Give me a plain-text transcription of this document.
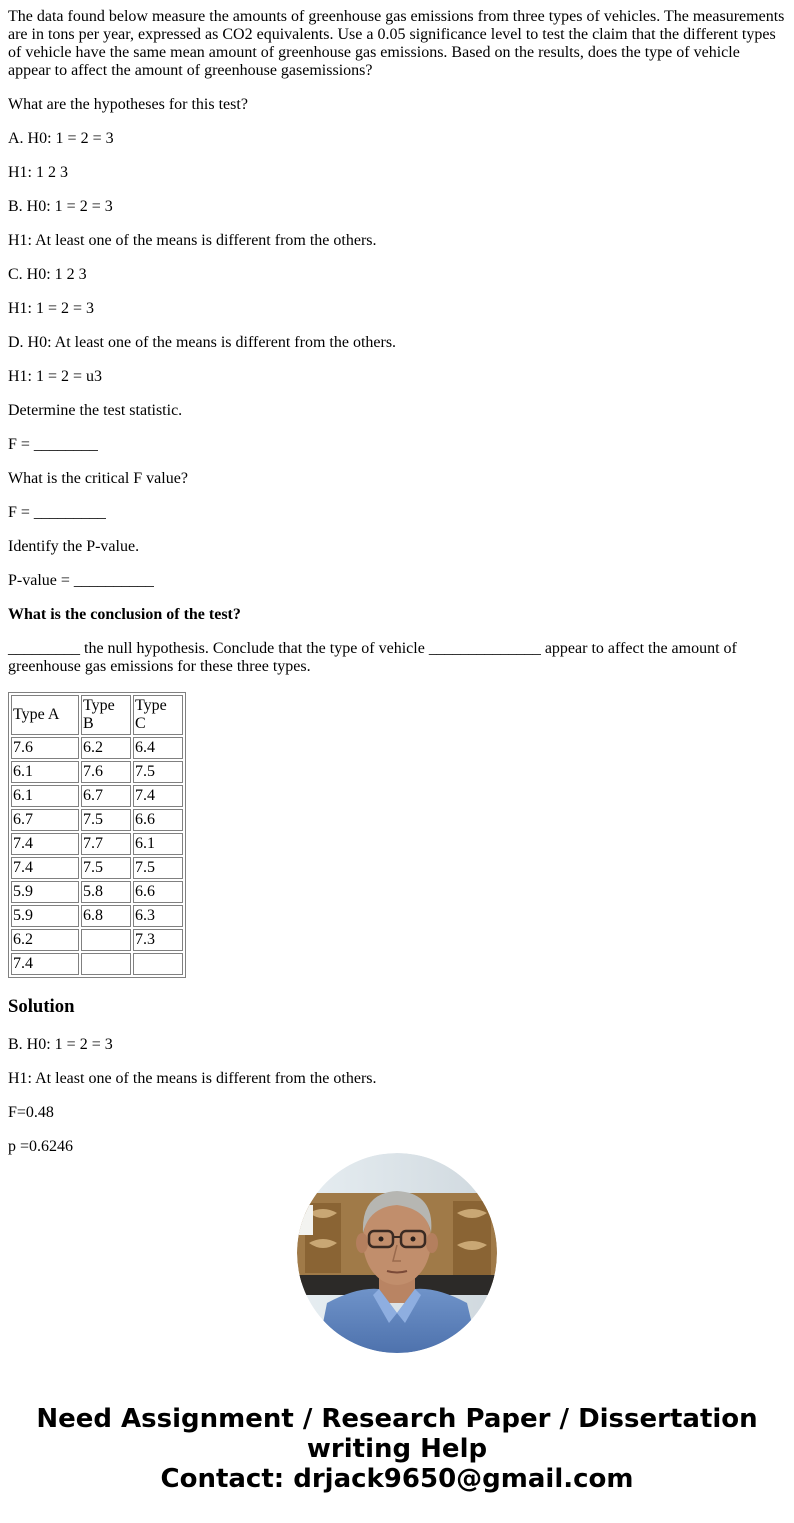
The data found below measure the amounts of greenhouse gas emissions from three types of vehicles. The measurements are in tons per year, expressed as CO2 equivalents. Use a 0.05 significance level to test the claim that the different types of vehicle have the same mean amount of greenhouse gas emissions. Based on the results, does the type of vehicle appear to affect the amount of greenhouse gasemissions?

What are the hypotheses for this test?

A. H0: 1 = 2 = 3

H1: 1 2 3

B. H0: 1 = 2 = 3

H1: At least one of the means is different from the others.

C. H0: 1 2 3

H1: 1 = 2 = 3

D. H0: At least one of the means is different from the others.

H1: 1 = 2 = u3

Determine the test statistic.

F = ________

What is the critical F value?

F = _________

Identify the P-value.

P-value = __________

What is the conclusion of the test?

_________ the null hypothesis. Conclude that the type of vehicle ______________ appear to affect the amount of greenhouse gas emissions for these three types.

Type A	Type B	Type C
7.6	6.2	6.4
6.1	7.6	7.5
6.1	6.7	7.4
6.7	7.5	6.6
7.4	7.7	6.1
7.4	7.5	7.5
5.9	5.8	6.6
5.9	6.8	6.3
6.2		7.3
7.4		
Solution

B. H0: 1 = 2 = 3

H1: At least one of the means is different from the others.

F=0.48

p =0.6246

Need Assignment / Research Paper / Dissertation
writing Help
Contact: drjack9650@gmail.com
